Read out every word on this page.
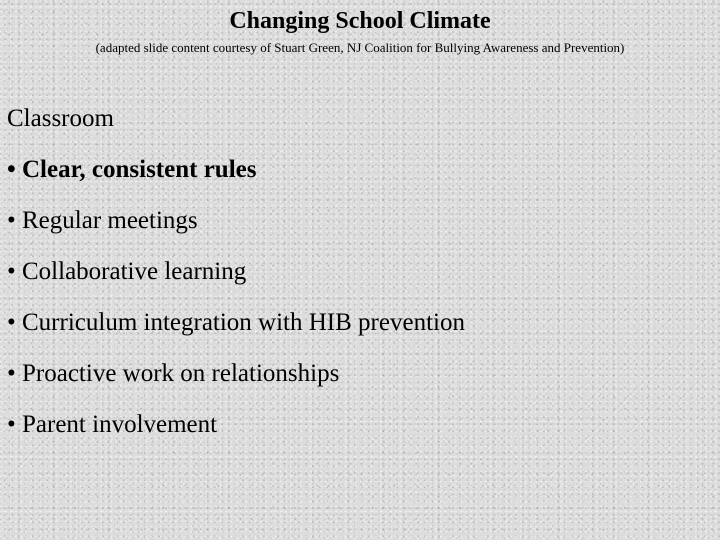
Changing School Climate
(adapted slide content courtesy of Stuart Green, NJ Coalition for Bullying Awareness and Prevention)
Classroom
• Clear, consistent rules
• Regular meetings
• Collaborative learning
• Curriculum integration with HIB prevention
• Proactive work on relationships
• Parent involvement
